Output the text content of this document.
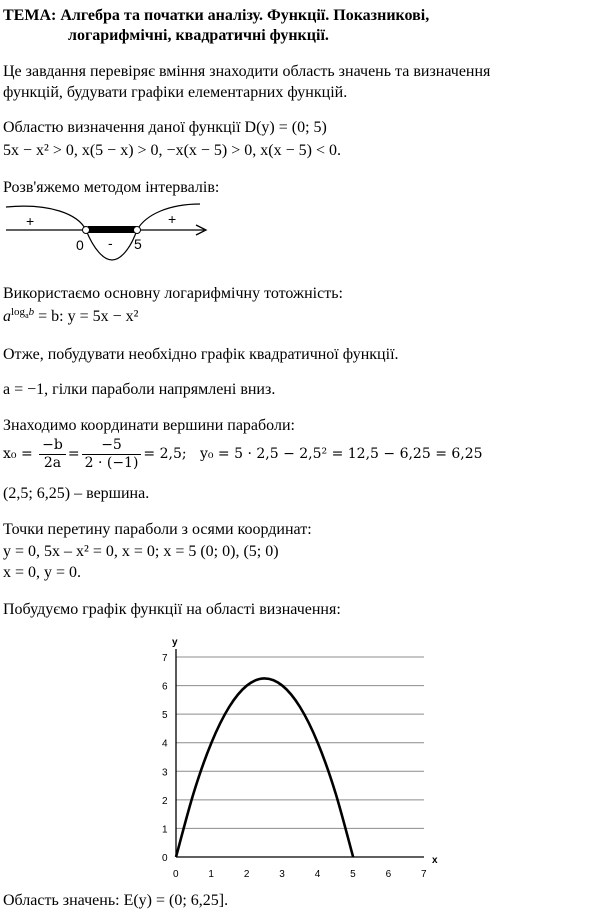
ТЕМА: Алгебра та початки аналізу. Функції. Показникові,
логарифмічні, квадратичні функції.
Це завдання перевіряє вміння знаходити область значень та визначення
функцій, будувати графіки елементарних функцій.
Областю визначення даної функції D(y) = (0; 5)
5x − x² > 0, x(5 − x) > 0, −x(x − 5) > 0, x(x − 5) < 0.
Розв'яжемо методом інтервалів:
+	+
-
0	5
Використаємо основну логарифмічну тотожність:
$a^{log_ab} = b$: y = 5x − x²
Отже, побудувати необхідно графік квадратичної функції.
a = −1, гілки параболи напрямлені вниз.
Знаходимо координати вершини параболи:
$x_0 = \frac{-b}{2a} = \frac{-5}{2 \cdot (-1)} = 2,5$; y₀ = 5 · 2,5 − 2,5² = 12,5 − 6,25 = 6,25
(2,5; 6,25) – вершина.
Точки перетину параболи з осями координат:
y = 0, 5x – x² = 0, x = 0; x = 5 (0; 0), (5; 0)
x = 0, y = 0.
Побудуємо графік функції на області визначення:
0
1
2
3
4
5
6
7
0	1	2	3	4	5	6	7
y
x
Область значень: E(y) = (0; 6,25].
